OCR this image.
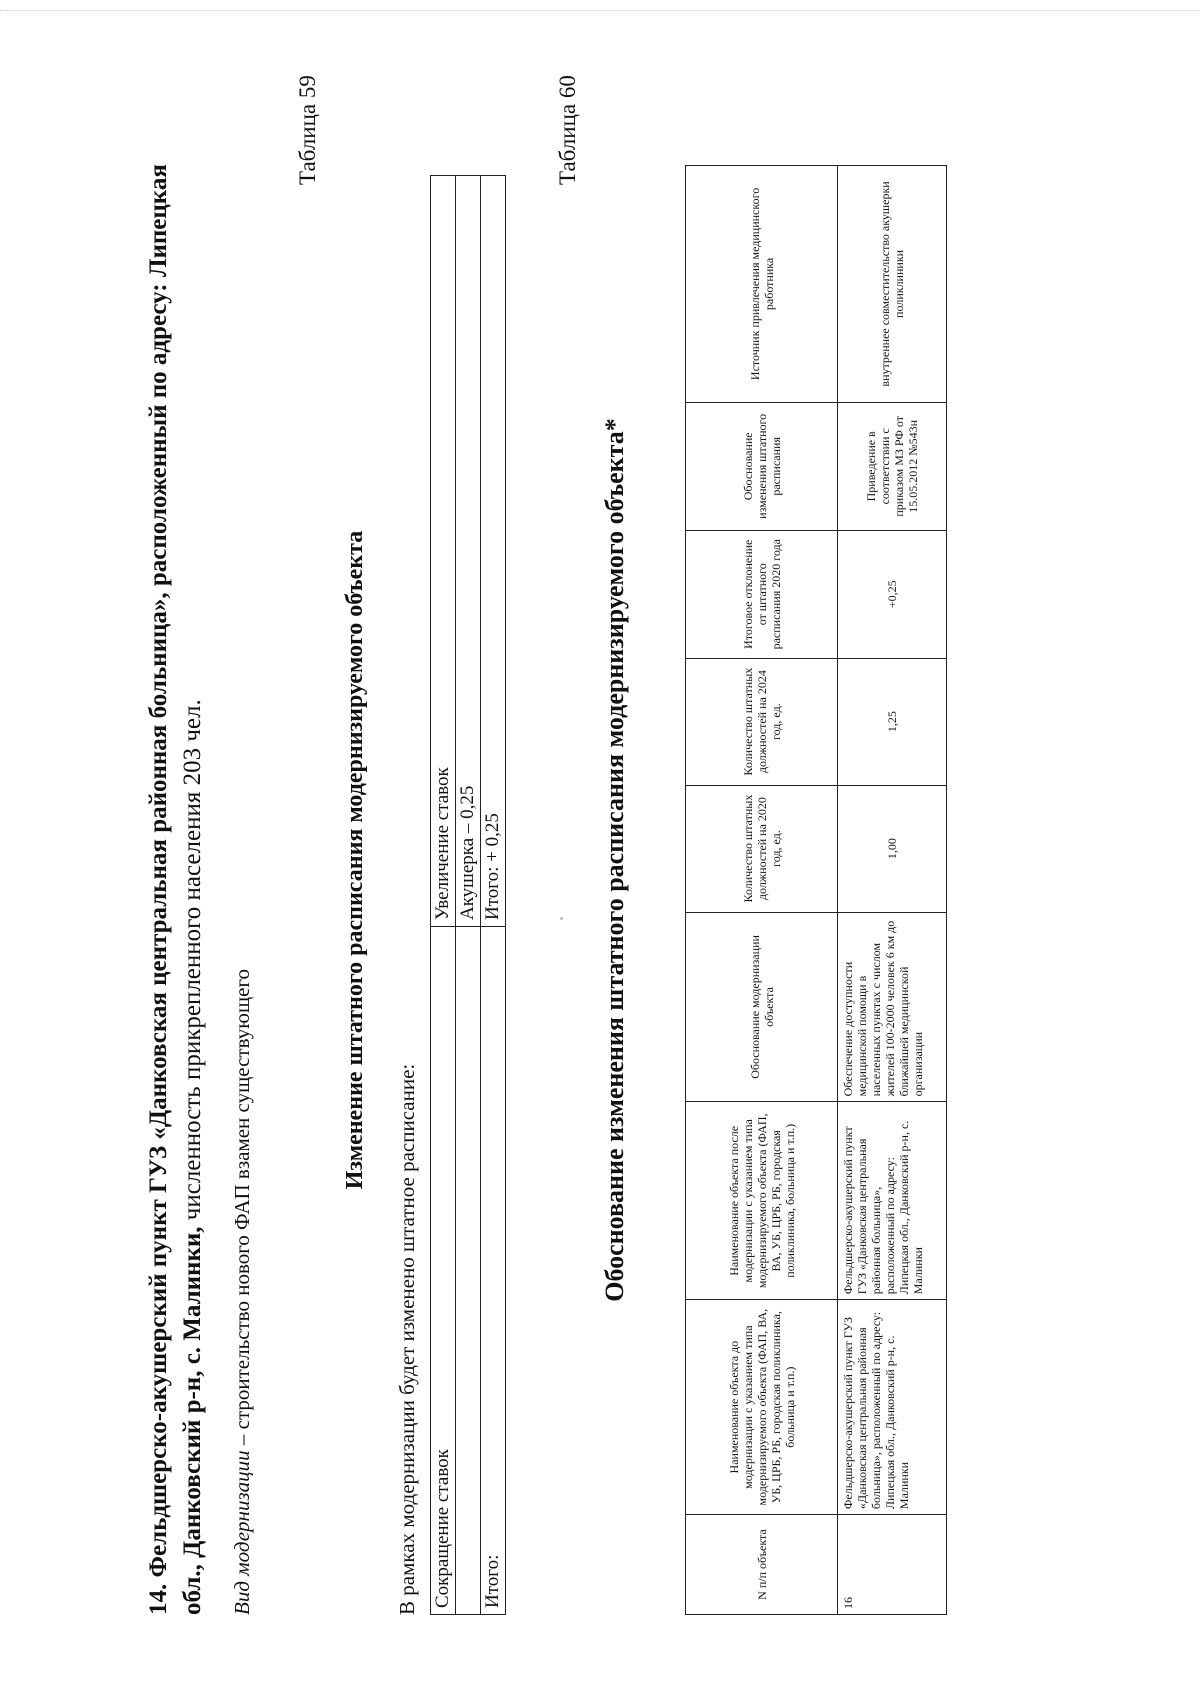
14. Фельдшерско-акушерский пункт ГУЗ «Данковская центральная районная больница», расположенный по адресу: Липецкая обл., Данковский р-н, с. Малинки, численность прикрепленного населения 203 чел.
Вид модернизации – строительство нового ФАП взамен существующего
Таблица 59
Изменение штатного расписания модернизируемого объекта
В рамках модернизации будет изменено штатное расписание: Сокращение ставок	Увеличение ставок
	Акушерка – 0,25
Итого:	Итого: + 0,25
Таблица 60
Обоснование изменения штатного расписания модернизируемого объекта*
N п/п объекта	Наименование объекта до модернизации с указанием типа модернизируемого объекта (ФАП, ВА, УБ, ЦРБ, РБ, городская поликлиника, больница и т.п.)	Наименование объекта после модернизации с указанием типа модернизируемого объекта (ФАП, ВА, УБ, ЦРБ, РБ, городская поликлиника, больница и т.п.)	Обоснование модернизации объекта	Количество штатных должностей на 2020 год, ед.	Количество штатных должностей на 2024 год, ед.	Итоговое отклонение от штатного расписания 2020 года	Обоснование изменения штатного расписания	Источник привлечения медицинского работника
16	Фельдшерско-акушерский пункт ГУЗ «Данковская центральная районная больница», расположенный по адресу: Липецкая обл., Данковский р-н, с. Малинки	Фельдшерско-акушерский пункт ГУЗ «Данковская центральная районная больница», расположенный по адресу: Липецкая обл., Данковский р-н, с. Малинки	Обеспечение доступности медицинской помощи в населенных пунктах с числом жителей 100-2000 человек 6 км до ближайшей медицинской организации	1,00	1,25	+0,25	Приведение в соответствии с приказом МЗ РФ от 15.05.2012 №543н	внутреннее совместительство акушерки поликлиники
